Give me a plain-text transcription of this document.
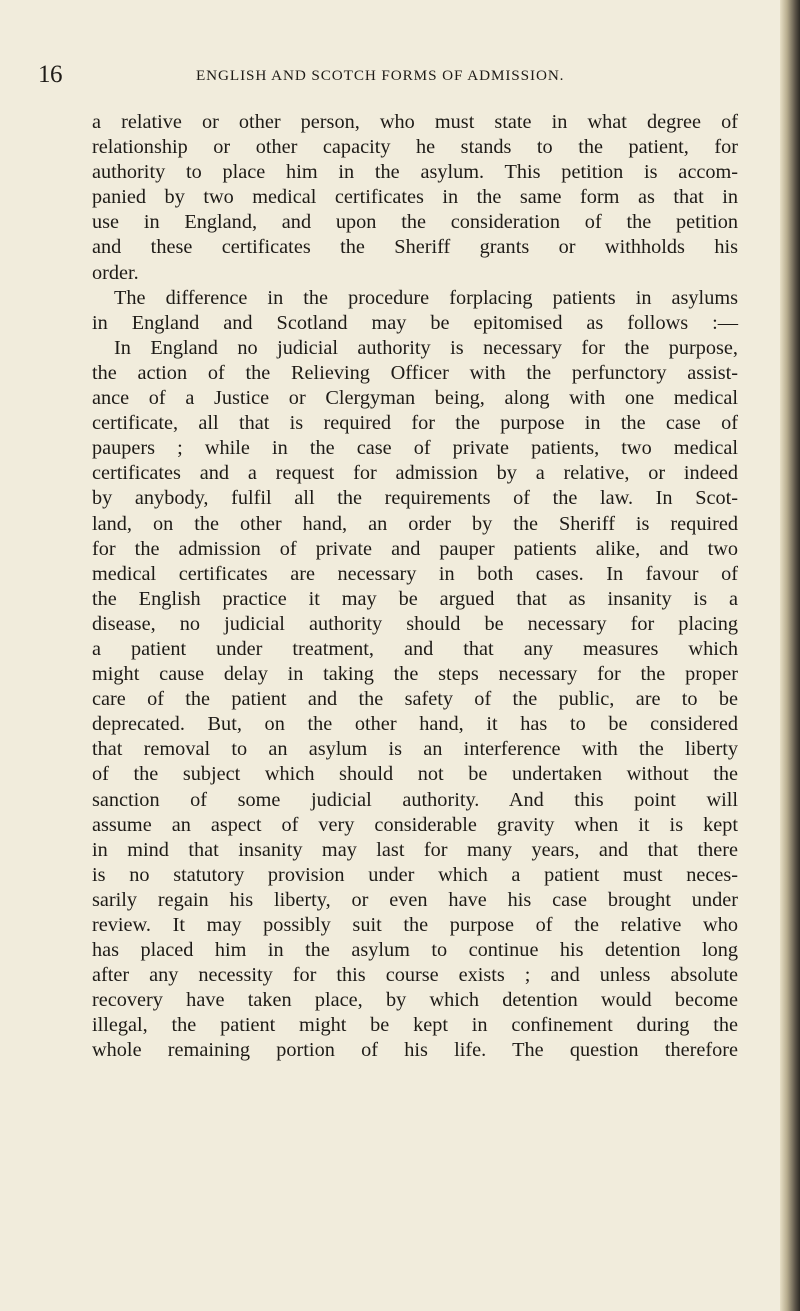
16	ENGLISH AND SCOTCH FORMS OF ADMISSION.
a relative or other person, who must state in what degree of
relationship or other capacity he stands to the patient, for
authority to place him in the asylum. This petition is accom-
panied by two medical certificates in the same form as that in
use in England, and upon the consideration of the petition
and these certificates the Sheriff grants or withholds his
order.
The difference in the procedure forplacing patients in asylums
in England and Scotland may be epitomised as follows :—
In England no judicial authority is necessary for the purpose,
the action of the Relieving Officer with the perfunctory assist-
ance of a Justice or Clergyman being, along with one medical
certificate, all that is required for the purpose in the case of
paupers ; while in the case of private patients, two medical
certificates and a request for admission by a relative, or indeed
by anybody, fulfil all the requirements of the law. In Scot-
land, on the other hand, an order by the Sheriff is required
for the admission of private and pauper patients alike, and two
medical certificates are necessary in both cases. In favour of
the English practice it may be argued that as insanity is a
disease, no judicial authority should be necessary for placing
a patient under treatment, and that any measures which
might cause delay in taking the steps necessary for the proper
care of the patient and the safety of the public, are to be
deprecated. But, on the other hand, it has to be considered
that removal to an asylum is an interference with the liberty
of the subject which should not be undertaken without the
sanction of some judicial authority. And this point will
assume an aspect of very considerable gravity when it is kept
in mind that insanity may last for many years, and that there
is no statutory provision under which a patient must neces-
sarily regain his liberty, or even have his case brought under
review. It may possibly suit the purpose of the relative who
has placed him in the asylum to continue his detention long
after any necessity for this course exists ; and unless absolute
recovery have taken place, by which detention would become
illegal, the patient might be kept in confinement during the
whole remaining portion of his life. The question therefore
